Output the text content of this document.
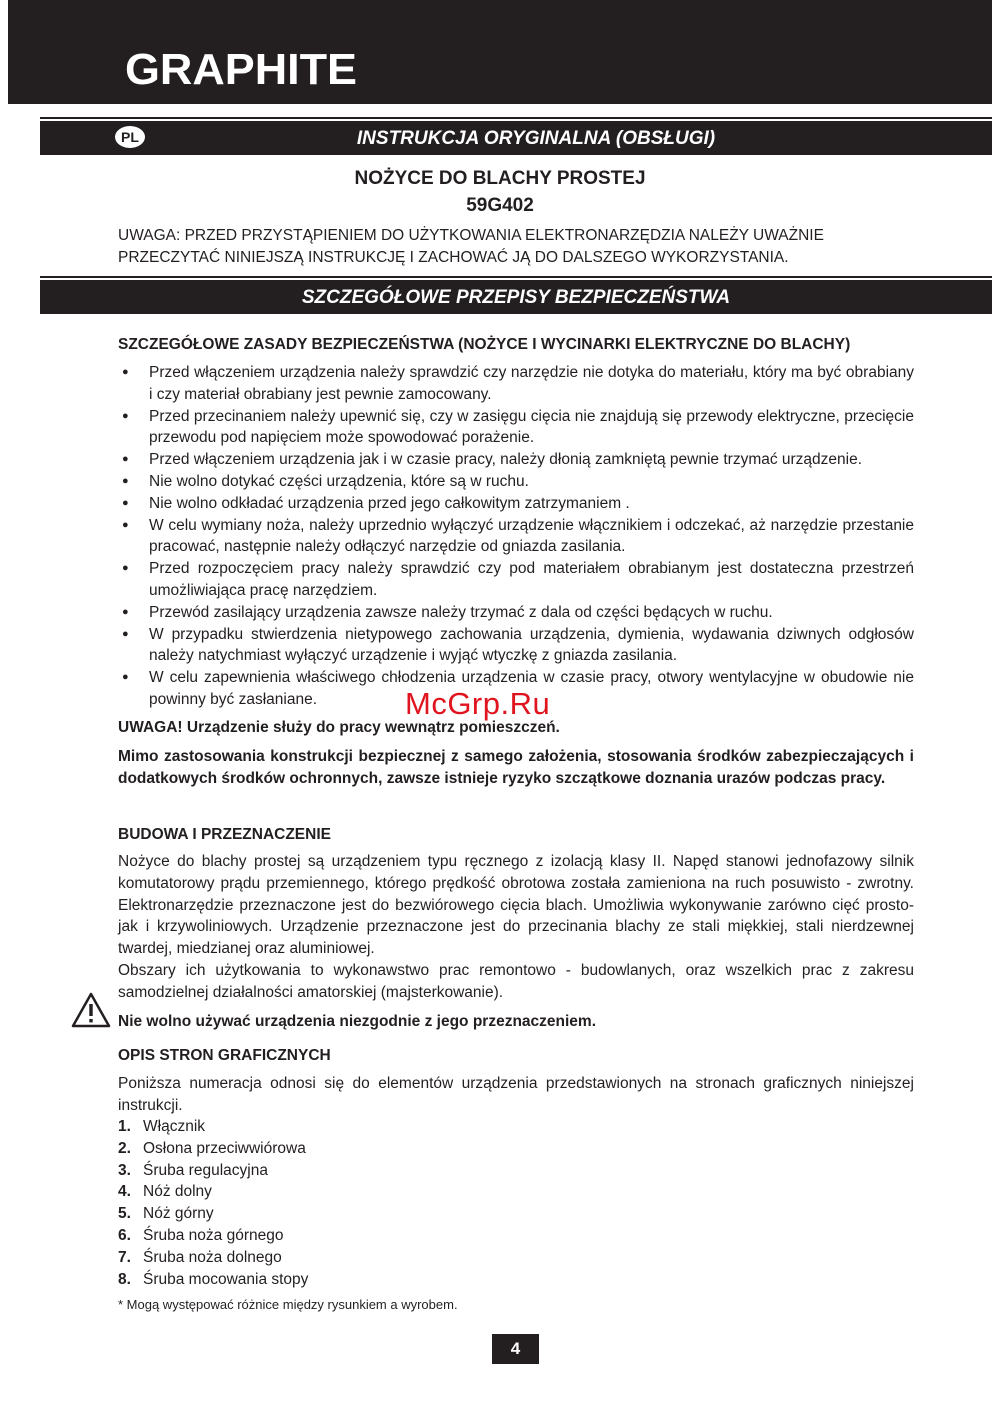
GRAPHITE
INSTRUKCJA ORYGINALNA (OBSŁUGI)
PL
NOŻYCE DO BLACHY PROSTEJ
59G402
UWAGA: PRZED PRZYSTĄPIENIEM DO UŻYTKOWANIA ELEKTRONARZĘDZIA NALEŻY UWAŻNIE PRZECZYTAĆ NINIEJSZĄ INSTRUKCJĘ I ZACHOWAĆ JĄ DO DALSZEGO WYKORZYSTANIA.
SZCZEGÓŁOWE PRZEPISY BEZPIECZEŃSTWA
SZCZEGÓŁOWE ZASADY BEZPIECZEŃSTWA (NOŻYCE I WYCINARKI ELEKTRYCZNE DO BLACHY)
● Przed włączeniem urządzenia należy sprawdzić czy narzędzie nie dotyka do materiału, który ma być obrabiany i czy materiał obrabiany jest pewnie zamocowany.
● Przed przecinaniem należy upewnić się, czy w zasięgu cięcia nie znajdują się przewody elektryczne, przecięcie przewodu pod napięciem może spowodować porażenie.
● Przed włączeniem urządzenia jak i w czasie pracy, należy dłonią zamkniętą pewnie trzymać urządzenie.
● Nie wolno dotykać części urządzenia, które są w ruchu.
● Nie wolno odkładać urządzenia przed jego całkowitym zatrzymaniem .
● W celu wymiany noża, należy uprzednio wyłączyć urządzenie włącznikiem i odczekać, aż narzędzie przestanie pracować, następnie należy odłączyć narzędzie od gniazda zasilania.
● Przed rozpoczęciem pracy należy sprawdzić czy pod materiałem obrabianym jest dostateczna przestrzeń umożliwiająca pracę narzędziem.
● Przewód zasilający urządzenia zawsze należy trzymać z dala od części będących w ruchu.
● W przypadku stwierdzenia nietypowego zachowania urządzenia, dymienia, wydawania dziwnych odgłosów należy natychmiast wyłączyć urządzenie i wyjąć wtyczkę z gniazda zasilania.
● W celu zapewnienia właściwego chłodzenia urządzenia w czasie pracy, otwory wentylacyjne w obudowie nie powinny być zasłaniane.
UWAGA! Urządzenie służy do pracy wewnątrz pomieszczeń.
Mimo zastosowania konstrukcji bezpiecznej z samego założenia, stosowania środków zabezpieczających i dodatkowych środków ochronnych, zawsze istnieje ryzyko szczątkowe doznania urazów podczas pracy.
BUDOWA I PRZEZNACZENIE
Nożyce do blachy prostej są urządzeniem typu ręcznego z izolacją klasy II. Napęd stanowi jednofazowy silnik komutatorowy prądu przemiennego, którego prędkość obrotowa została zamieniona na ruch posuwisto - zwrotny. Elektronarzędzie przeznaczone jest do bezwiórowego cięcia blach. Umożliwia wykonywanie zarówno cięć prosto- jak i krzywoliniowych. Urządzenie przeznaczone jest do przecinania blachy ze stali miękkiej, stali nierdzewnej twardej, miedzianej oraz aluminiowej.
Obszary ich użytkowania to wykonawstwo prac remontowo - budowlanych, oraz wszelkich prac z zakresu samodzielnej działalności amatorskiej (majsterkowanie).
Nie wolno używać urządzenia niezgodnie z jego przeznaczeniem.
OPIS STRON GRAFICZNYCH
Poniższa numeracja odnosi się do elementów urządzenia przedstawionych na stronach graficznych niniejszej instrukcji.
1. Włącznik
2. Osłona przeciwwiórowa
3. Śruba regulacyjna
4. Nóż dolny
5. Nóż górny
6. Śruba noża górnego
7. Śruba noża dolnego
8. Śruba mocowania stopy
* Mogą występować różnice między rysunkiem a wyrobem.
4
McGrp.Ru
